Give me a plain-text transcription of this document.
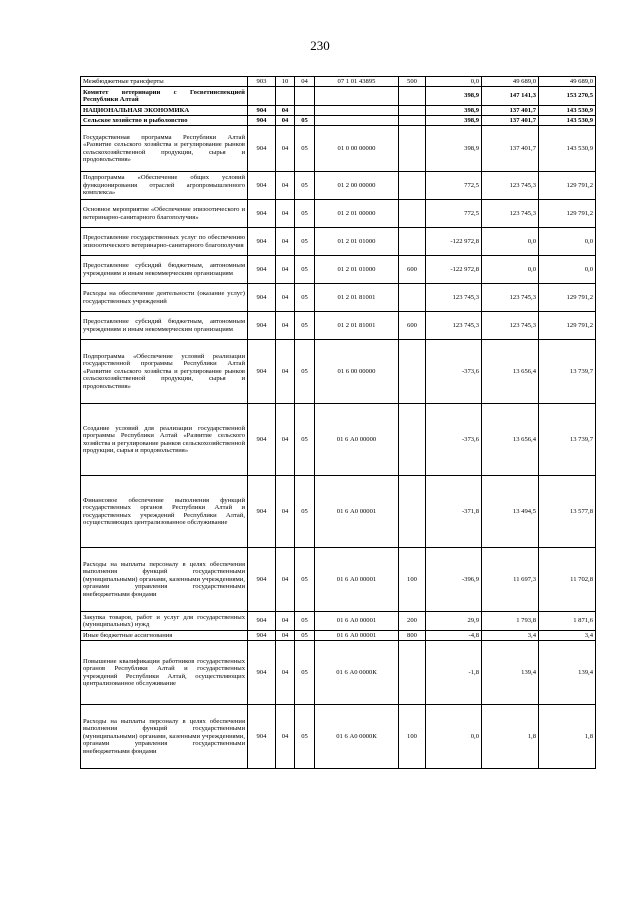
230
Межбюджетные трансферты	903	10	04	07 1 01 43895	500	0,0	49 689,0	49 689,0
Комитет ветеринарии с Госветинспекцией Республики Алтай						398,9	147 141,3	153 270,5
НАЦИОНАЛЬНАЯ ЭКОНОМИКА	904	04				398,9	137 401,7	143 530,9
Сельское хозяйство и рыболовство	904	04	05			398,9	137 401,7	143 530,9
Государственная программа Республики Алтай «Развитие сельского хозяйства и регулирование рынков сельскохозяйственной продукции, сырья и продовольствия»	904	04	05	01 0 00 00000		398,9	137 401,7	143 530,9
Подпрограмма «Обеспечение общих условий функционирования отраслей агропромышленного комплекса»	904	04	05	01 2 00 00000		772,5	123 745,3	129 791,2
Основное мероприятие «Обеспечение эпизоотического и ветеринарно-санитарного благополучия»	904	04	05	01 2 01 00000		772,5	123 745,3	129 791,2
Предоставление государственных услуг по обеспечению эпизоотического ветеринарно-санитарного благополучия	904	04	05	01 2 01 01000		-122 972,8	0,0	0,0
Предоставление субсидий бюджетным, автономным учреждениям и иным некоммерческим организациям	904	04	05	01 2 01 01000	600	-122 972,8	0,0	0,0
Расходы на обеспечение деятельности (оказание услуг) государственных учреждений	904	04	05	01 2 01 81001		123 745,3	123 745,3	129 791,2
Предоставление субсидий бюджетным, автономным учреждениям и иным некоммерческим организациям	904	04	05	01 2 01 81001	600	123 745,3	123 745,3	129 791,2
Подпрограмма «Обеспечение условий реализации государственной программы Республики Алтай «Развитие сельского хозяйства и регулирование рынков сельскохозяйственной продукции, сырья и продовольствия»	904	04	05	01 6 00 00000		-373,6	13 656,4	13 739,7
Создание условий для реализации государственной программы Республики Алтай «Развитие сельского хозяйства и регулирование рынков сельскохозяйственной продукции, сырья и продовольствия»	904	04	05	01 6 А0 00000		-373,6	13 656,4	13 739,7
Финансовое обеспечение выполнения функций государственных органов Республики Алтай и государственных учреждений Республики Алтай, осуществляющих централизованное обслуживание	904	04	05	01 6 А0 00001		-371,8	13 494,5	13 577,8
Расходы на выплаты персоналу в целях обеспечения выполнения функций государственными (муниципальными) органами, казенными учреждениями, органами управления государственными внебюджетными фондами	904	04	05	01 6 А0 00001	100	-396,9	11 697,3	11 702,8
Закупка товаров, работ и услуг для государственных (муниципальных) нужд	904	04	05	01 6 А0 00001	200	29,9	1 793,8	1 871,6
Иные бюджетные ассигнования	904	04	05	01 6 А0 00001	800	-4,8	3,4	3,4
Повышение квалификации работников государственных органов Республики Алтай и государственных учреждений Республики Алтай, осуществляющих централизованное обслуживание	904	04	05	01 6 А0 0000К		-1,8	139,4	139,4
Расходы на выплаты персоналу в целях обеспечения выполнения функций государственными (муниципальными) органами, казенными учреждениями, органами управления государственными внебюджетными фондами	904	04	05	01 6 А0 0000К	100	0,0	1,8	1,8
